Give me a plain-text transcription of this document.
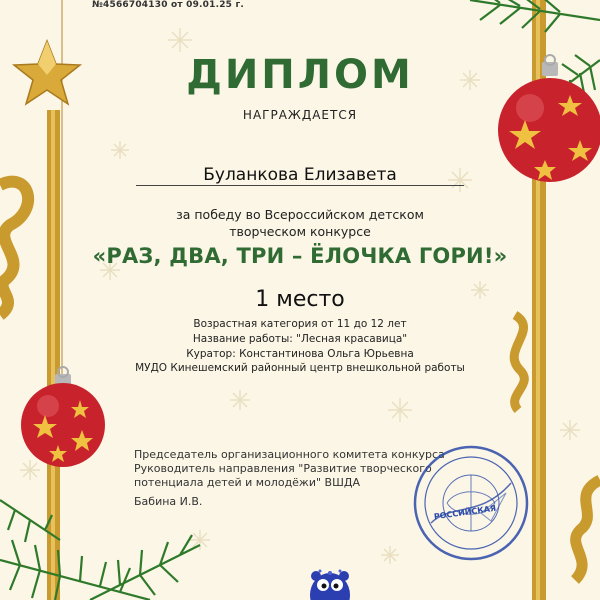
№4566704130 от 09.01.25 г.
ДИПЛОМ
НАГРАЖДАЕТСЯ
Буланкова Елизавета
за победу во Всероссийском детском
творческом конкурсе
«РАЗ, ДВА, ТРИ – ЁЛОЧКА ГОРИ!»
1 место
Возрастная категория от 11 до 12 лет
Название работы: "Лесная красавица"
Куратор: Константинова Ольга Юрьевна
МУДО Кинешемский районный центр внешкольной работы
Председатель организационного комитета конкурса
Руководитель направления "Развитие творческого
потенциала детей и молодёжи" ВШДА
Бабина И.В.
РОССИЙСКАЯ
